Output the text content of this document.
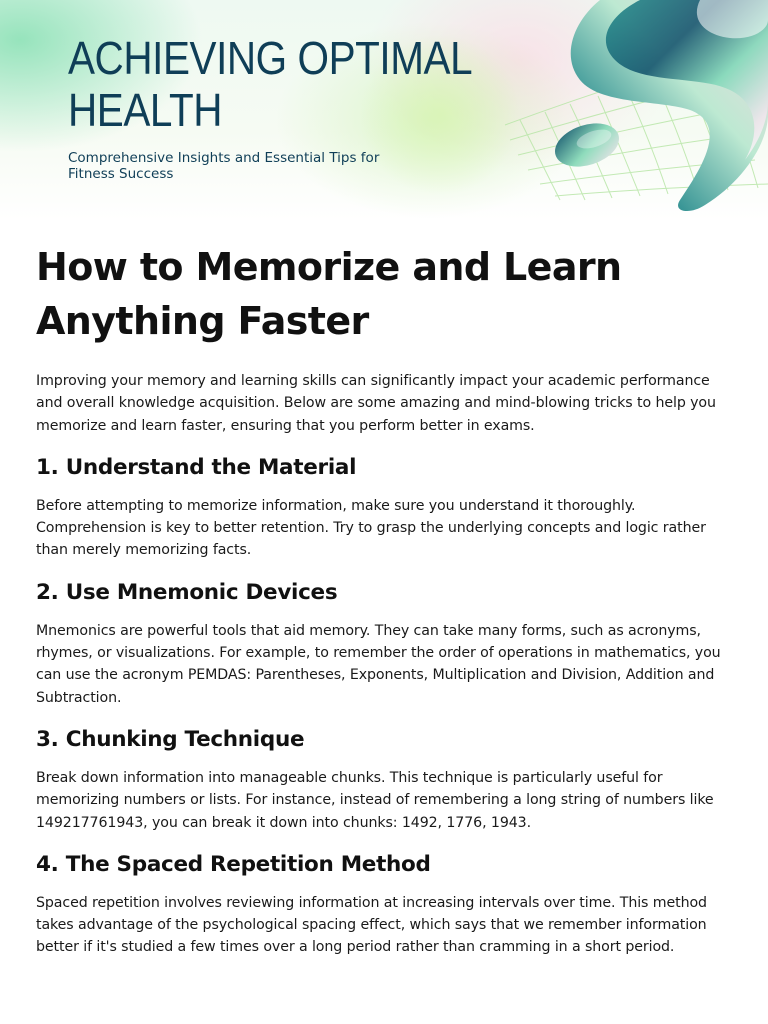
ACHIEVING OPTIMAL HEALTH
Comprehensive Insights and Essential Tips for Fitness Success
How to Memorize and Learn Anything Faster

Improving your memory and learning skills can significantly impact your academic performance and overall knowledge acquisition. Below are some amazing and mind-blowing tricks to help you memorize and learn faster, ensuring that you perform better in exams.

1. Understand the Material

Before attempting to memorize information, make sure you understand it thoroughly. Comprehension is key to better retention. Try to grasp the underlying concepts and logic rather than merely memorizing facts.

2. Use Mnemonic Devices

Mnemonics are powerful tools that aid memory. They can take many forms, such as acronyms, rhymes, or visualizations. For example, to remember the order of operations in mathematics, you can use the acronym PEMDAS: Parentheses, Exponents, Multiplication and Division, Addition and Subtraction.

3. Chunking Technique

Break down information into manageable chunks. This technique is particularly useful for memorizing numbers or lists. For instance, instead of remembering a long string of numbers like 149217761943, you can break it down into chunks: 1492, 1776, 1943.

4. The Spaced Repetition Method

Spaced repetition involves reviewing information at increasing intervals over time. This method takes advantage of the psychological spacing effect, which says that we remember information better if it's studied a few times over a long period rather than cramming in a short period.
